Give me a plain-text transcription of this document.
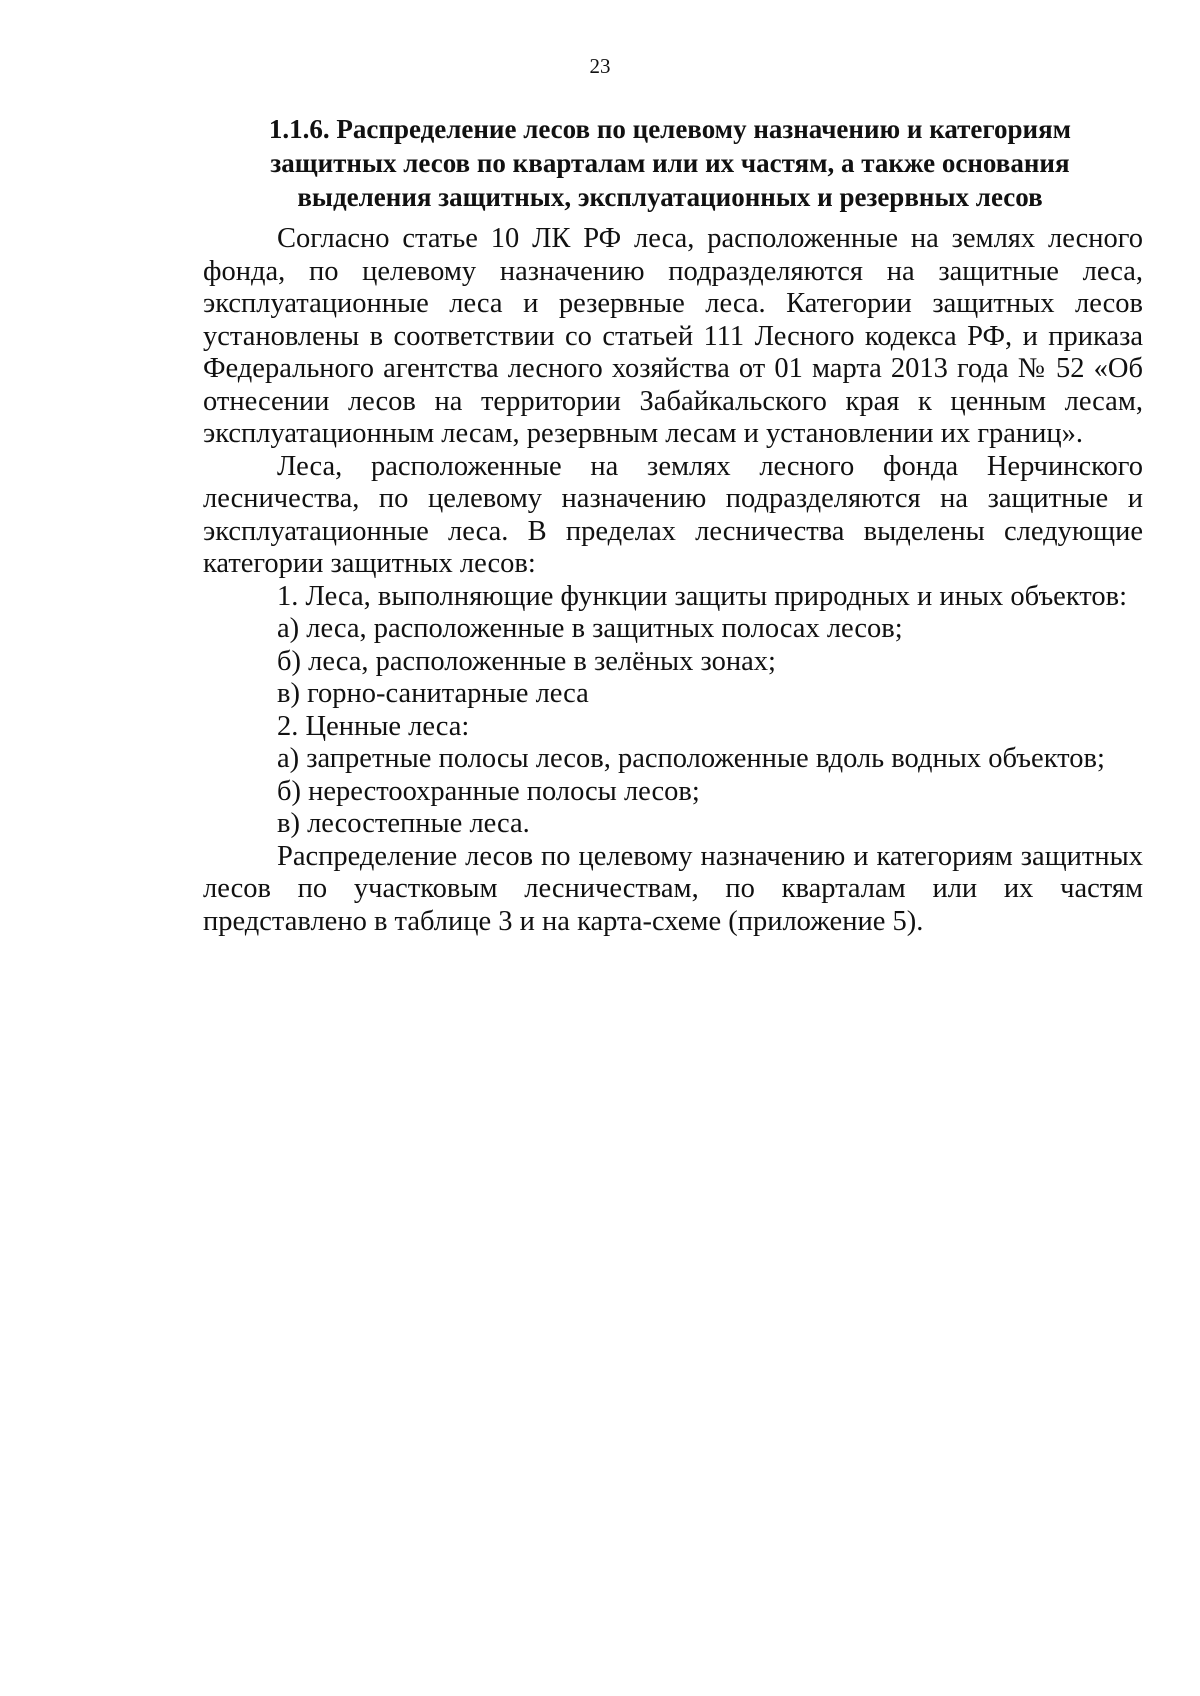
23
1.1.6. Распределение лесов по целевому назначению и категориям
защитных лесов по кварталам или их частям, а также основания
выделения защитных, эксплуатационных и резервных лесов

Согласно статье 10 ЛК РФ леса, расположенные на землях лесного фонда, по целевому назначению подразделяются на защитные леса, эксплуатационные леса и резервные леса. Категории защитных лесов установлены в соответствии со статьей 111 Лесного кодекса РФ, и приказа Федерального агентства лесного хозяйства от 01 марта 2013 года № 52 «Об отнесении лесов на территории Забайкальского края к ценным лесам, эксплуатационным лесам, резервным лесам и установлении их границ».

Леса, расположенные на землях лесного фонда Нерчинского лесничества, по целевому назначению подразделяются на защитные и эксплуатационные леса. В пределах лесничества выделены следующие категории защитных лесов:

1. Леса, выполняющие функции защиты природных и иных объектов:

а) леса, расположенные в защитных полосах лесов;

б) леса, расположенные в зелёных зонах;

в) горно-санитарные леса

2. Ценные леса:

а) запретные полосы лесов, расположенные вдоль водных объектов;

б) нерестоохранные полосы лесов;

в) лесостепные леса.

Распределение лесов по целевому назначению и категориям защитных лесов по участковым лесничествам, по кварталам или их частям представлено в таблице 3 и на карта-схеме (приложение 5).
